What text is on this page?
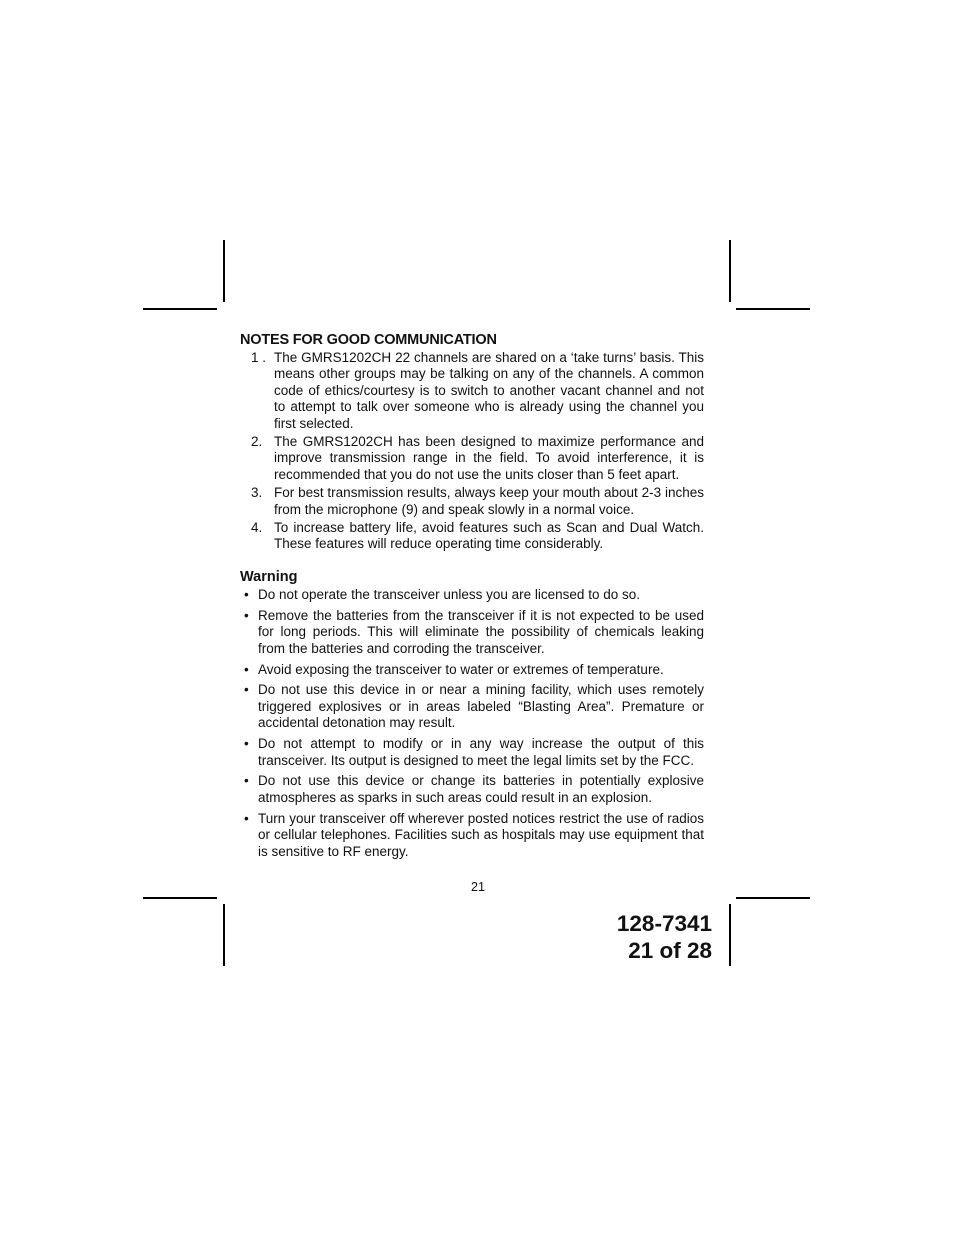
NOTES FOR GOOD COMMUNICATION
1 . The GMRS1202CH 22 channels are shared on a ‘take turns’ basis. This means other groups may be talking on any of the channels. A common code of ethics/courtesy is to switch to another vacant channel and not to attempt to talk over someone who is already using the channel you first selected.
2. The GMRS1202CH has been designed to maximize performance and improve transmission range in the field. To avoid interference, it is recommended that you do not use the units closer than 5 feet apart.
3. For best transmission results, always keep your mouth about 2-3 inches from the microphone (9) and speak slowly in a normal voice.
4. To increase battery life, avoid features such as Scan and Dual Watch. These features will reduce operating time considerably.
Warning
• Do not operate the transceiver unless you are licensed to do so.
• Remove the batteries from the transceiver if it is not expected to be used for long periods. This will eliminate the possibility of chemicals leaking from the batteries and corroding the transceiver.
• Avoid exposing the transceiver to water or extremes of temperature.
• Do not use this device in or near a mining facility, which uses remotely triggered explosives or in areas labeled “Blasting Area”. Premature or accidental detonation may result.
• Do not attempt to modify or in any way increase the output of this transceiver. Its output is designed to meet the legal limits set by the FCC.
• Do not use this device or change its batteries in potentially explosive atmospheres as sparks in such areas could result in an explosion.
• Turn your transceiver off wherever posted notices restrict the use of radios or cellular telephones. Facilities such as hospitals may use equipment that is sensitive to RF energy.
21
128-7341
21 of 28
